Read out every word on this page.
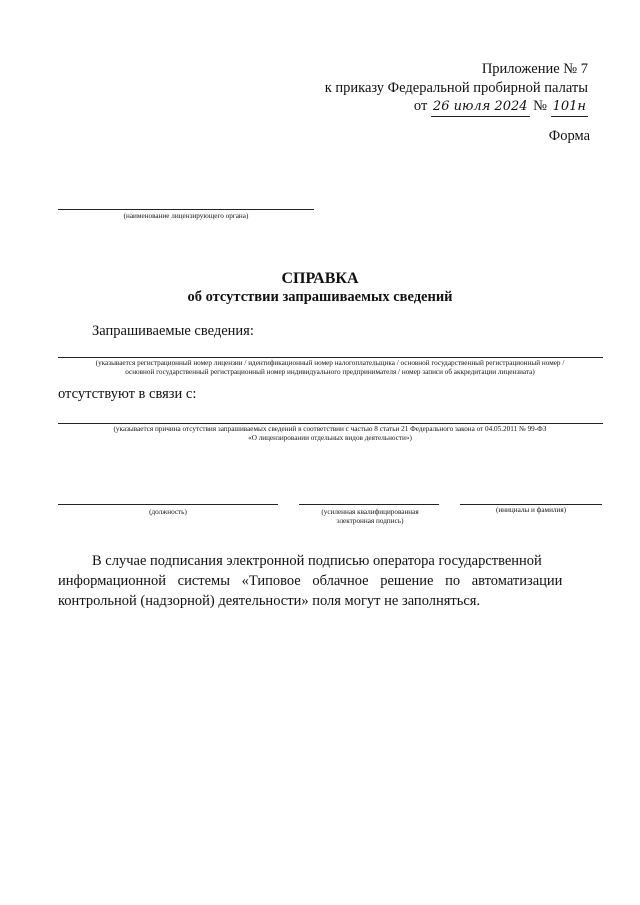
Приложение № 7
к приказу Федеральной пробирной палаты
от 26 июля 2024 № 101н
Форма
(наименование лицензирующего органа)
СПРАВКА
об отсутствии запрашиваемых сведений
Запрашиваемые сведения:
(указывается регистрационный номер лицензии / идентификационный номер налогоплательщика / основной государственный регистрационный номер /
основной государственный регистрационный номер индивидуального предпринимателя / номер записи об аккредитации лицензиата)
отсутствуют в связи с:
(указывается причина отсутствия запрашиваемых сведений в соответствии с частью 8 статьи 21 Федерального закона от 04.05.2011 № 99-ФЗ
«О лицензировании отдельных видов деятельности»)
(должность)	(усиленная квалифицированная
электронная подпись)
(инициалы и фамилия)
В случае подписания электронной подписью оператора государственной
информационной системы «Типовое облачное решение по автоматизации
контрольной (надзорной) деятельности» поля могут не заполняться.
